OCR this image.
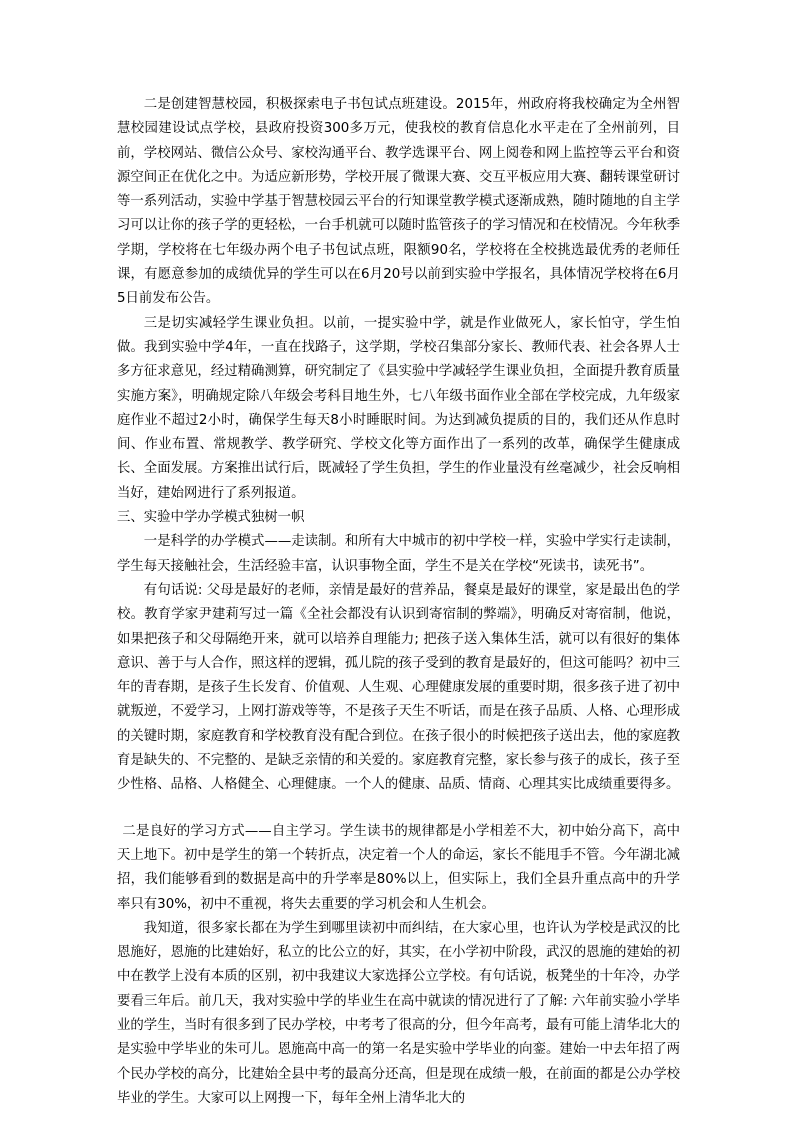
二是创建智慧校园，积极探索电子书包试点班建设。2015年，州政府将我校确定为全州智慧校园建设试点学校，县政府投资300多万元，使我校的教育信息化水平走在了全州前列，目前，学校网站、微信公众号、家校沟通平台、教学选课平台、网上阅卷和网上监控等云平台和资源空间正在优化之中。为适应新形势，学校开展了微课大赛、交互平板应用大赛、翻转课堂研讨等一系列活动，实验中学基于智慧校园云平台的行知课堂教学模式逐渐成熟，随时随地的自主学习可以让你的孩子学的更轻松，一台手机就可以随时监管孩子的学习情况和在校情况。今年秋季学期，学校将在七年级办两个电子书包试点班，限额90名，学校将在全校挑选最优秀的老师任课，有愿意参加的成绩优异的学生可以在6月20号以前到实验中学报名，具体情况学校将在6月5日前发布公告。

三是切实减轻学生课业负担。以前，一提实验中学，就是作业做死人，家长怕守，学生怕做。我到实验中学4年，一直在找路子，这学期，学校召集部分家长、教师代表、社会各界人士多方征求意见，经过精确测算，研究制定了《县实验中学减轻学生课业负担，全面提升教育质量实施方案》，明确规定除八年级会考科目地生外，七八年级书面作业全部在学校完成，九年级家庭作业不超过2小时，确保学生每天8小时睡眠时间。为达到减负提质的目的，我们还从作息时间、作业布置、常规教学、教学研究、学校文化等方面作出了一系列的改革，确保学生健康成长、全面发展。方案推出试行后，既减轻了学生负担，学生的作业量没有丝毫减少，社会反响相当好，建始网进行了系列报道。

三、实验中学办学模式独树一帜

一是科学的办学模式——走读制。和所有大中城市的初中学校一样，实验中学实行走读制，学生每天接触社会，生活经验丰富，认识事物全面，学生不是关在学校“死读书，读死书”。

有句话说: 父母是最好的老师，亲情是最好的营养品，餐桌是最好的课堂，家是最出色的学校。教育学家尹建莉写过一篇《全社会都没有认识到寄宿制的弊端》，明确反对寄宿制，他说，如果把孩子和父母隔绝开来，就可以培养自理能力; 把孩子送入集体生活，就可以有很好的集体意识、善于与人合作，照这样的逻辑，孤儿院的孩子受到的教育是最好的，但这可能吗？初中三年的青春期，是孩子生长发育、价值观、人生观、心理健康发展的重要时期，很多孩子进了初中就叛逆，不爱学习，上网打游戏等等，不是孩子天生不听话，而是在孩子品质、人格、心理形成的关键时期，家庭教育和学校教育没有配合到位。在孩子很小的时候把孩子送出去，他的家庭教育是缺失的、不完整的、是缺乏亲情的和关爱的。家庭教育完整，家长参与孩子的成长，孩子至少性格、品格、人格健全、心理健康。一个人的健康、品质、情商、心理其实比成绩重要得多。

二是良好的学习方式——自主学习。学生读书的规律都是小学相差不大，初中始分高下，高中天上地下。初中是学生的第一个转折点，决定着一个人的命运，家长不能甩手不管。今年湖北减招，我们能够看到的数据是高中的升学率是80%以上，但实际上，我们全县升重点高中的升学率只有30%，初中不重视，将失去重要的学习机会和人生机会。

我知道，很多家长都在为学生到哪里读初中而纠结，在大家心里，也许认为学校是武汉的比恩施好，恩施的比建始好，私立的比公立的好，其实，在小学初中阶段，武汉的恩施的建始的初中在教学上没有本质的区别，初中我建议大家选择公立学校。有句话说，板凳坐的十年冷，办学要看三年后。前几天，我对实验中学的毕业生在高中就读的情况进行了了解: 六年前实验小学毕业的学生，当时有很多到了民办学校，中考考了很高的分，但今年高考，最有可能上清华北大的是实验中学毕业的朱可儿。恩施高中高一的第一名是实验中学毕业的向銮。建始一中去年招了两个民办学校的高分，比建始全县中考的最高分还高，但是现在成绩一般，在前面的都是公办学校毕业的学生。大家可以上网搜一下，每年全州上清华北大的
